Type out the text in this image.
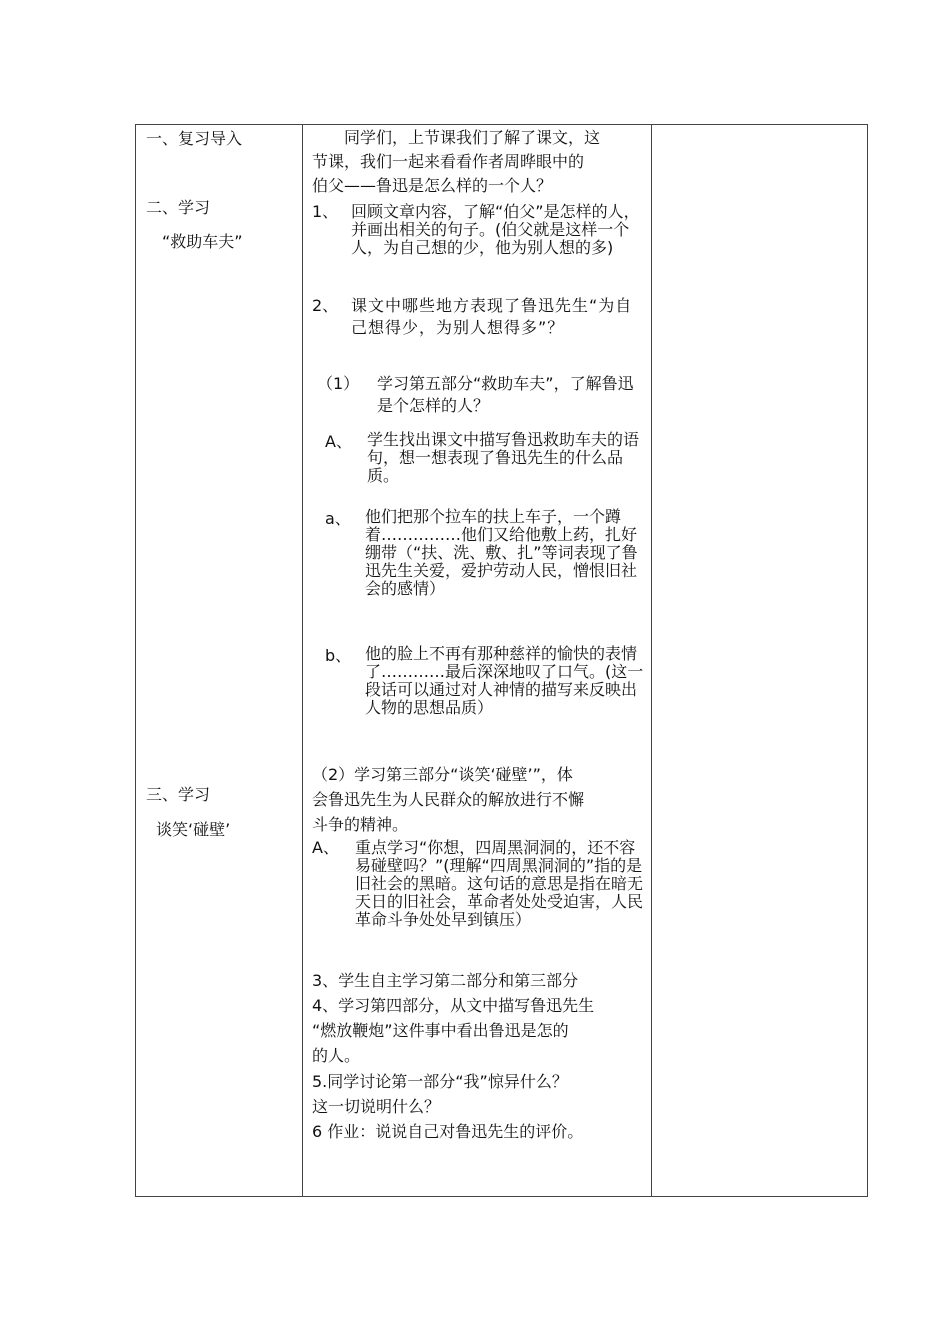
一、复习导入
二、学习
“救助车夫”
三、学习
谈笑‘碰壁’

　　同学们，上节课我们了解了课文，这
节课，我们一起来看看作者周晔眼中的
伯父——鲁迅是怎么样的一个人？
1、 回顾文章内容，了解“伯父”是怎样的人，并画出相关的句子。(伯父就是这样一个人，为自己想的少，他为别人想的多)
2、 课文中哪些地方表现了鲁迅先生“为自己想得少，为别人想得多”？
（1） 学习第五部分“救助车夫”，了解鲁迅是个怎样的人？
A、 学生找出课文中描写鲁迅救助车夫的语句，想一想表现了鲁迅先生的什么品质。
a、 他们把那个拉车的扶上车子，一个蹲着……………他们又给他敷上药，扎好绷带（“扶、洗、敷、扎”等词表现了鲁迅先生关爱，爱护劳动人民，憎恨旧社会的感情）
b、 他的脸上不再有那种慈祥的愉快的表情了…………最后深深地叹了口气。(这一段话可以通过对人神情的描写来反映出人物的思想品质）
（2）学习第三部分“谈笑‘碰壁’”，体
会鲁迅先生为人民群众的解放进行不懈
斗争的精神。
A、 重点学习“你想，四周黑洞洞的，还不容易碰壁吗？”(理解“四周黑洞洞的”指的是旧社会的黑暗。这句话的意思是指在暗无天日的旧社会，革命者处处受迫害，人民革命斗争处处早到镇压）
3、学生自主学习第二部分和第三部分
4、学习第四部分，从文中描写鲁迅先生
“燃放鞭炮”这件事中看出鲁迅是怎的
的人。
5.同学讨论第一部分“我”惊异什么？
这一切说明什么？
6 作业：说说自己对鲁迅先生的评价。
